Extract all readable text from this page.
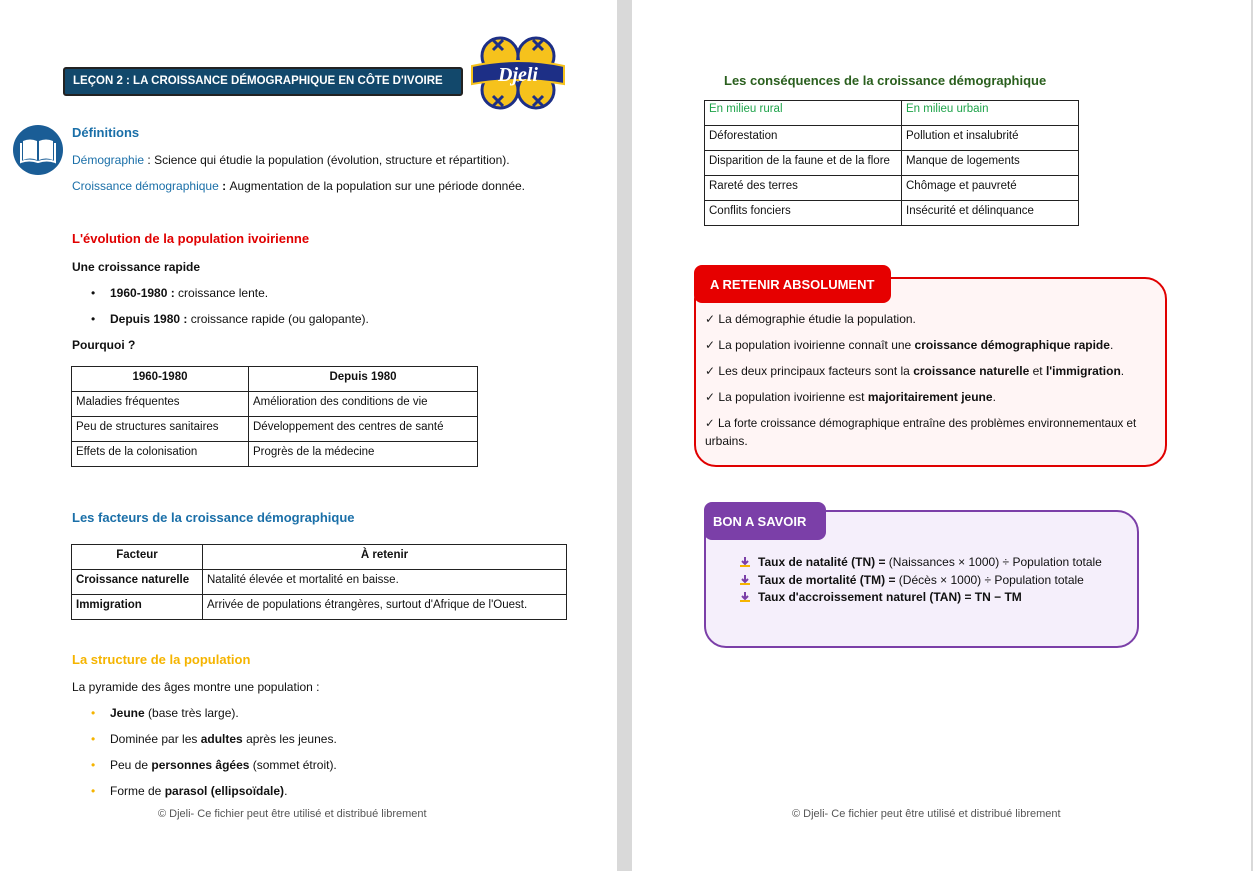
LEÇON 2 : LA CROISSANCE DÉMOGRAPHIQUE EN CÔTE D'IVOIRE	Djeli
Définitions
Démographie : Science qui étudie la population (évolution, structure et répartition).
Croissance démographique : Augmentation de la population sur une période donnée.
L'évolution de la population ivoirienne
Une croissance rapide
• 1960-1980 : croissance lente.
• Depuis 1980 : croissance rapide (ou galopante).
Pourquoi ?
1960-1980	Depuis 1980
Maladies fréquentes	Amélioration des conditions de vie
Peu de structures sanitaires	Développement des centres de santé
Effets de la colonisation	Progrès de la médecine
Les facteurs de la croissance démographique
Facteur	À retenir
Croissance naturelle	Natalité élevée et mortalité en baisse.
Immigration	Arrivée de populations étrangères, surtout d'Afrique de l'Ouest.
La structure de la population
La pyramide des âges montre une population :
• Jeune (base très large).
• Dominée par les adultes après les jeunes.
• Peu de personnes âgées (sommet étroit).
• Forme de parasol (ellipsoïdale).
© Djeli- Ce fichier peut être utilisé et distribué librement
Les conséquences de la croissance démographique
En milieu rural	En milieu urbain
Déforestation	Pollution et insalubrité
Disparition de la faune et de la flore	Manque de logements
Rareté des terres	Chômage et pauvreté
Conflits fonciers	Insécurité et délinquance
A RETENIR ABSOLUMENT
✓ La démographie étudie la population.
✓ La population ivoirienne connaît une croissance démographique rapide.
✓ Les deux principaux facteurs sont la croissance naturelle et l'immigration.
✓ La population ivoirienne est majoritairement jeune.
✓ La forte croissance démographique entraîne des problèmes environnementaux et
urbains.
BON A SAVOIR
Taux de natalité (TN) = (Naissances × 1000) ÷ Population totale
Taux de mortalité (TM) = (Décès × 1000) ÷ Population totale
Taux d'accroissement naturel (TAN) = TN − TM
© Djeli- Ce fichier peut être utilisé et distribué librement
